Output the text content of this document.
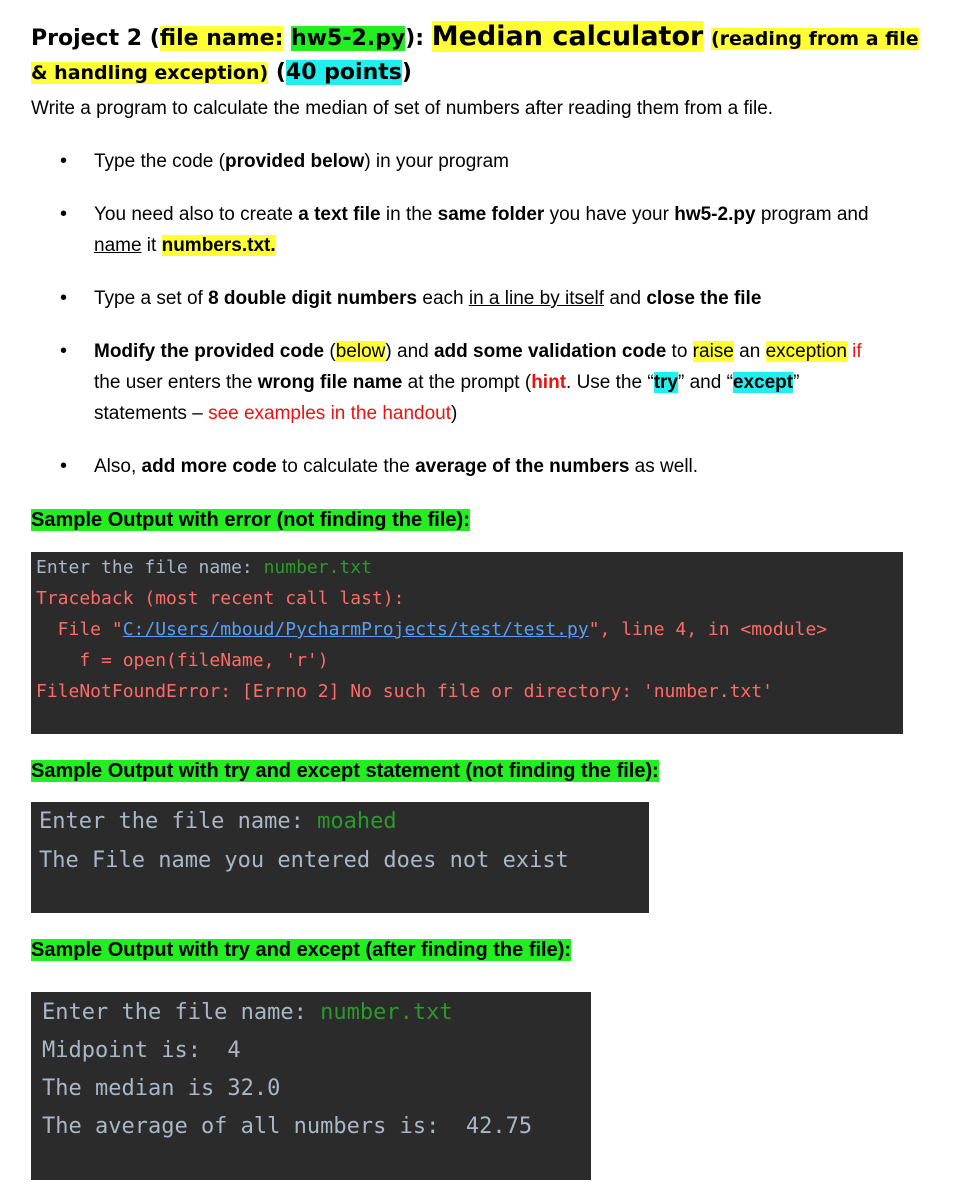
Project 2 (file name: hw5-2.py): Median calculator (reading from a file & handling exception) (40 points)
Write a program to calculate the median of set of numbers after reading them from a file.
• Type the code (provided below) in your program
• You need also to create a text file in the same folder you have your hw5-2.py program and name it numbers.txt.
• Type a set of 8 double digit numbers each in a line by itself and close the file
• Modify the provided code (below) and add some validation code to raise an exception if the user enters the wrong file name at the prompt (hint. Use the “try” and “except” statements – see examples in the handout)
• Also, add more code to calculate the average of the numbers as well.
Sample Output with error (not finding the file):
Enter the file name: number.txt
Traceback (most recent call last):
File "C:/Users/mboud/PycharmProjects/test/test.py", line 4, in <module>
f = open(fileName, 'r')
FileNotFoundError: [Errno 2] No such file or directory: 'number.txt'
Sample Output with try and except statement (not finding the file):
Enter the file name: moahed
The File name you entered does not exist
Sample Output with try and except (after finding the file):
Enter the file name: number.txt
Midpoint is:  4
The median is 32.0
The average of all numbers is:  42.75
